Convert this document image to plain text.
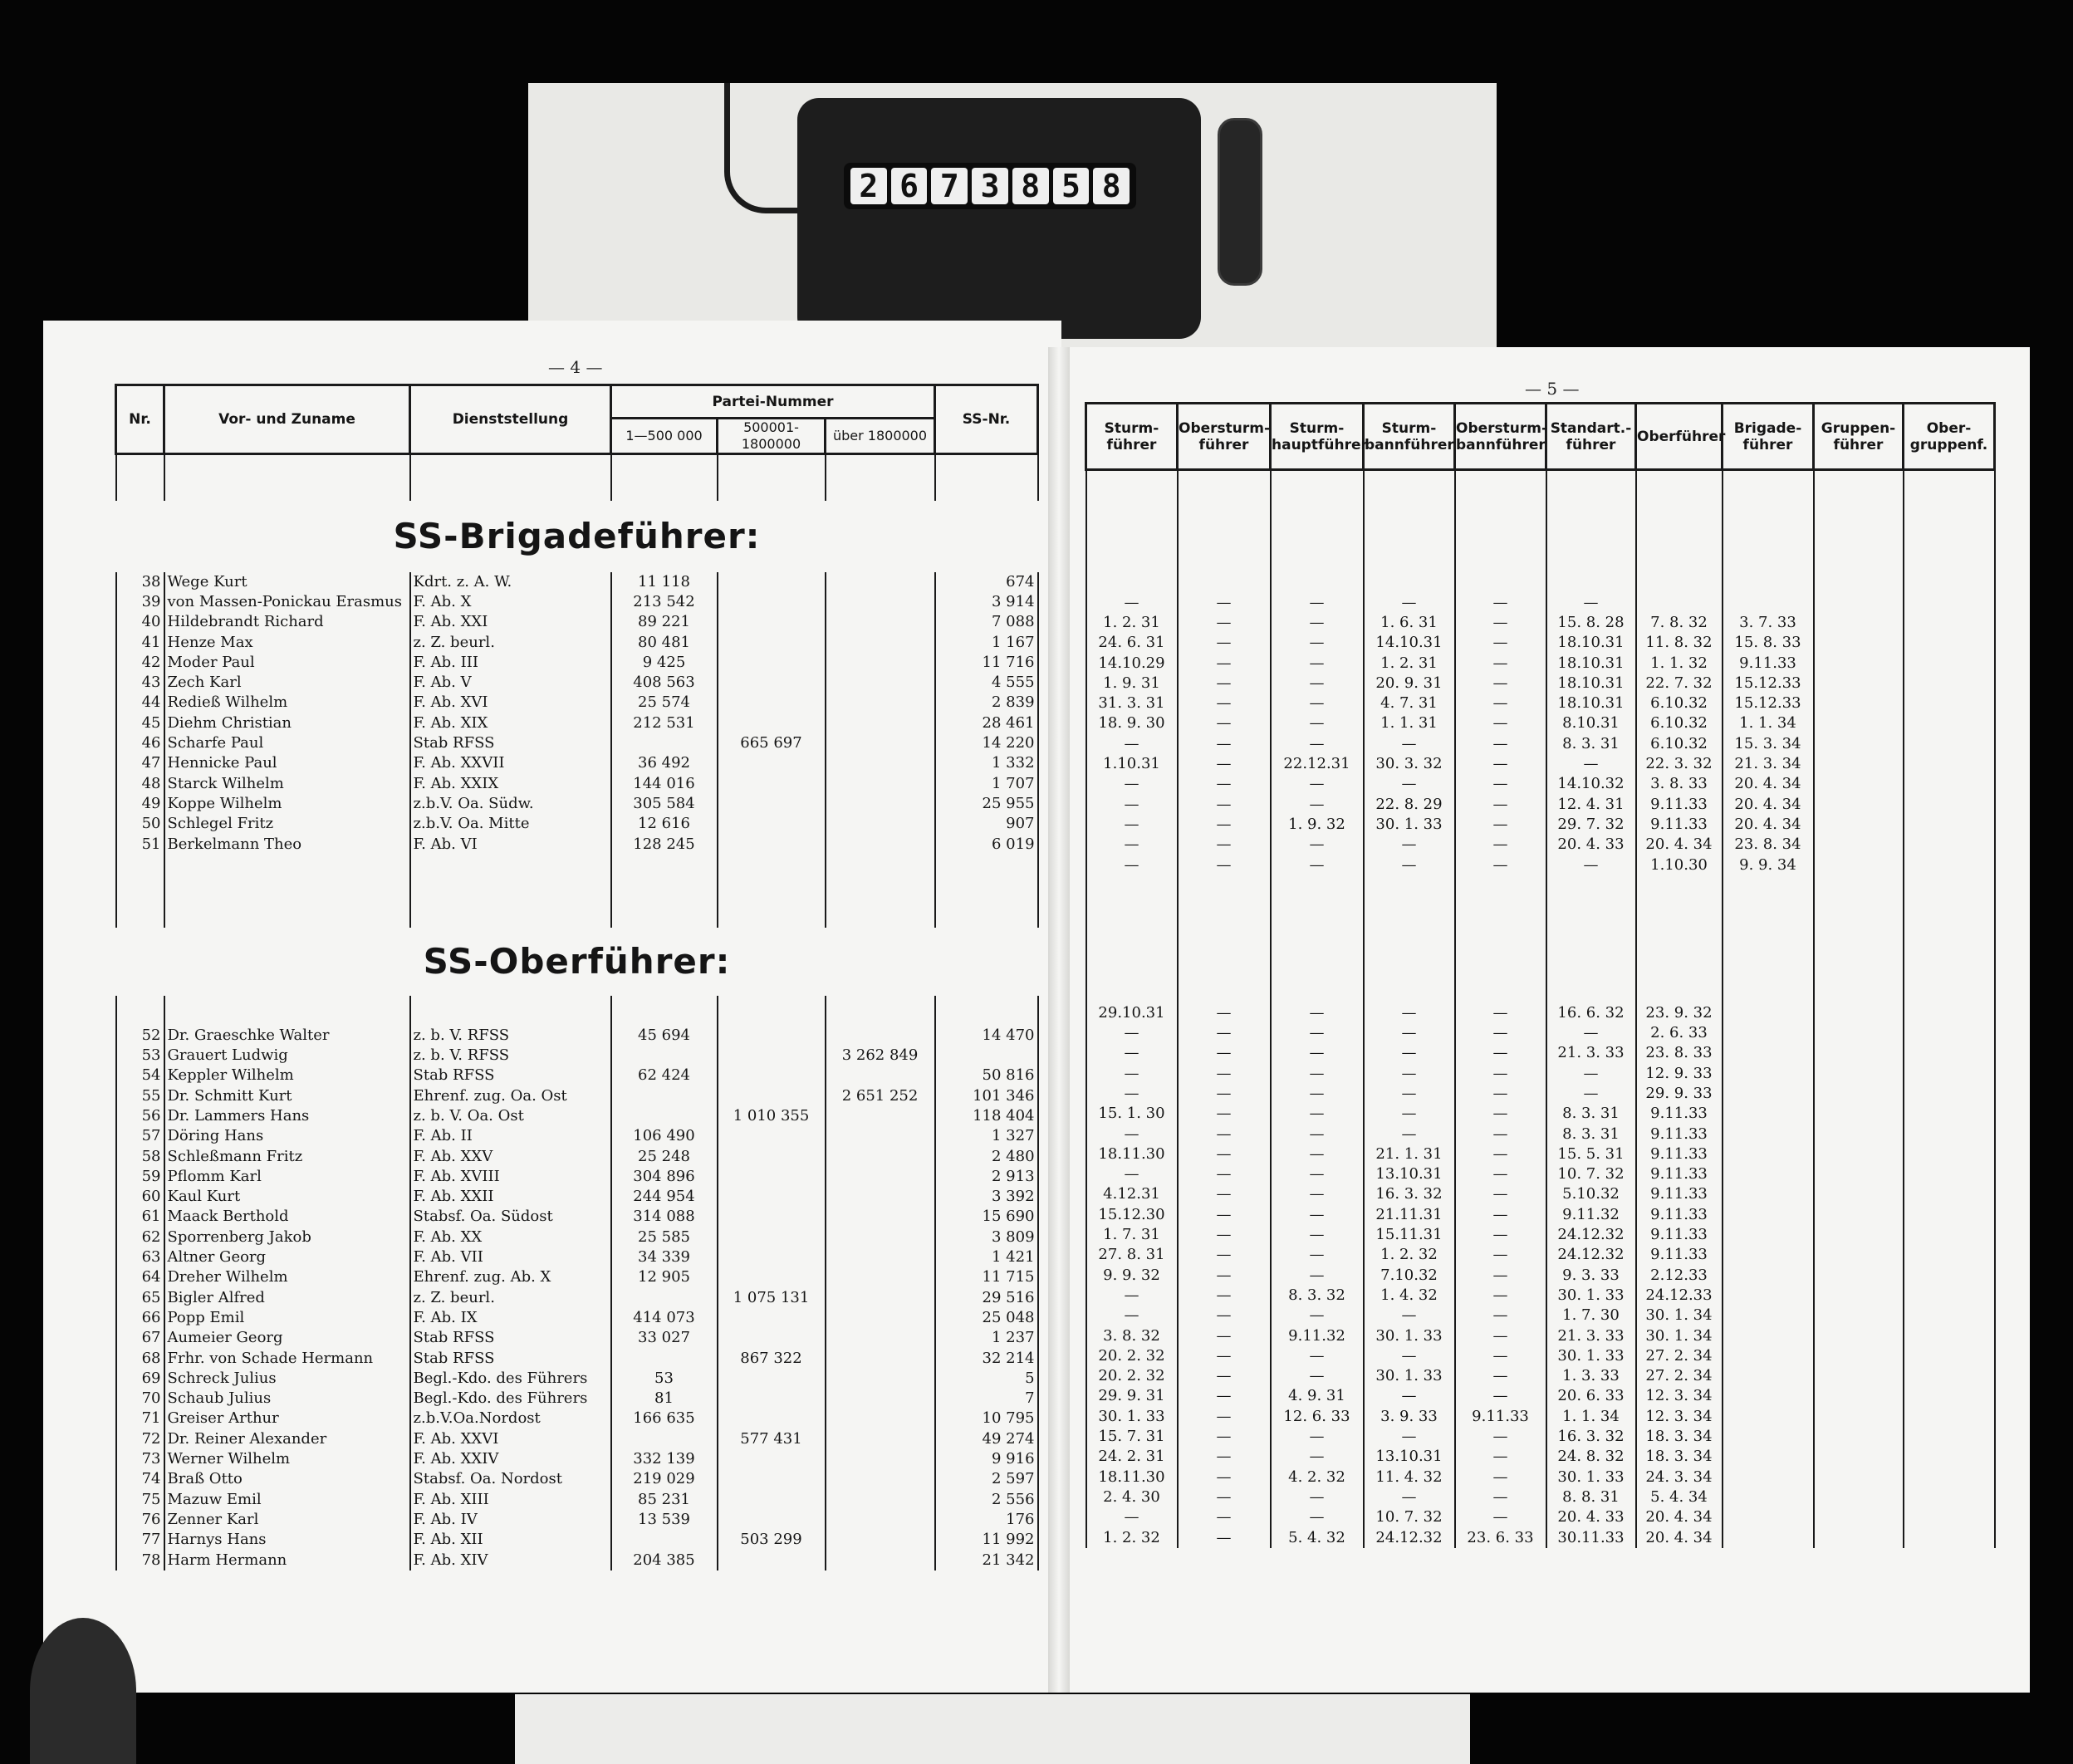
2 6 7 3 8 5 8
— 4 —
— 5 —
Nr.	Vor- und Zuname	Dienststellung	Partei-Nummer			SS-Nr.
			1—500 000	500001-1800000	über 1800000	

SS-Brigadeführer:						
38	Wege Kurt	Kdrt. z. A. W.	11 118			674
39	von Massen-Ponickau Erasmus	F. Ab. X	213 542			3 914
40	Hildebrandt Richard	F. Ab. XXI	89 221			7 088
41	Henze Max	z. Z. beurl.	80 481			1 167
42	Moder Paul	F. Ab. III	9 425			11 716
43	Zech Karl	F. Ab. V	408 563			4 555
44	Redieß Wilhelm	F. Ab. XVI	25 574			2 839
45	Diehm Christian	F. Ab. XIX	212 531			28 461
46	Scharfe Paul	Stab RFSS		665 697		14 220
47	Hennicke Paul	F. Ab. XXVII	36 492			1 332
48	Starck Wilhelm	F. Ab. XXIX	144 016			1 707
49	Koppe Wilhelm	z.b.V. Oa. Südw.	305 584			25 955
50	Schlegel Fritz	z.b.V. Oa. Mitte	12 616			907
51	Berkelmann Theo	F. Ab. VI	128 245			6 019

SS-Oberführer:						

52	Dr. Graeschke Walter	z. b. V. RFSS	45 694			14 470
53	Grauert Ludwig	z. b. V. RFSS			3 262 849	
54	Keppler Wilhelm	Stab RFSS	62 424			50 816
55	Dr. Schmitt Kurt	Ehrenf. zug. Oa. Ost			2 651 252	101 346
56	Dr. Lammers Hans	z. b. V. Oa. Ost		1 010 355		118 404
57	Döring Hans	F. Ab. II	106 490			1 327
58	Schleßmann Fritz	F. Ab. XXV	25 248			2 480
59	Pflomm Karl	F. Ab. XVIII	304 896			2 913
60	Kaul Kurt	F. Ab. XXII	244 954			3 392
61	Maack Berthold	Stabsf. Oa. Südost	314 088			15 690
62	Sporrenberg Jakob	F. Ab. XX	25 585			3 809
63	Altner Georg	F. Ab. VII	34 339			1 421
64	Dreher Wilhelm	Ehrenf. zug. Ab. X	12 905			11 715
65	Bigler Alfred	z. Z. beurl.		1 075 131		29 516
66	Popp Emil	F. Ab. IX	414 073			25 048
67	Aumeier Georg	Stab RFSS	33 027			1 237
68	Frhr. von Schade Hermann	Stab RFSS		867 322		32 214
69	Schreck Julius	Begl.-Kdo. des Führers	53			5
70	Schaub Julius	Begl.-Kdo. des Führers	81			7
71	Greiser Arthur	z.b.V.Oa.Nordost	166 635			10 795
72	Dr. Reiner Alexander	F. Ab. XXVI		577 431		49 274
73	Werner Wilhelm	F. Ab. XXIV	332 139			9 916
74	Braß Otto	Stabsf. Oa. Nordost	219 029			2 597
75	Mazuw Emil	F. Ab. XIII	85 231			2 556
76	Zenner Karl	F. Ab. IV	13 539			176
77	Harnys Hans	F. Ab. XII		503 299		11 992
78	Harm Hermann	F. Ab. XIV	204 385			21 342
Sturm-führer	Obersturm-führer	Sturm-hauptführer	Sturm-bannführer	Obersturm-bannführer	Standart.-führer	Oberführer	Brigade-führer	Gruppen-führer	Ober-gruppenf.

—	—	—	—	—	—				
1. 2. 31	—	—	1. 6. 31	—	15. 8. 28	7. 8. 32	3. 7. 33		
24. 6. 31	—	—	14.10.31	—	18.10.31	11. 8. 32	15. 8. 33		
14.10.29	—	—	1. 2. 31	—	18.10.31	1. 1. 32	9.11.33		
1. 9. 31	—	—	20. 9. 31	—	18.10.31	22. 7. 32	15.12.33		
31. 3. 31	—	—	4. 7. 31	—	18.10.31	6.10.32	15.12.33		
18. 9. 30	—	—	1. 1. 31	—	8.10.31	6.10.32	1. 1. 34		
—	—	—	—	—	8. 3. 31	6.10.32	15. 3. 34		
1.10.31	—	22.12.31	30. 3. 32	—	—	22. 3. 32	21. 3. 34		
—	—	—	—	—	14.10.32	3. 8. 33	20. 4. 34		
—	—	—	22. 8. 29	—	12. 4. 31	9.11.33	20. 4. 34		
—	—	1. 9. 32	30. 1. 33	—	29. 7. 32	9.11.33	20. 4. 34		
—	—	—	—	—	20. 4. 33	20. 4. 34	23. 8. 34		
—	—	—	—	—	—	1.10.30	9. 9. 34		

29.10.31	—	—	—	—	16. 6. 32	23. 9. 32			
—	—	—	—	—	—	2. 6. 33			
—	—	—	—	—	21. 3. 33	23. 8. 33			
—	—	—	—	—	—	12. 9. 33			
—	—	—	—	—	—	29. 9. 33			
15. 1. 30	—	—	—	—	8. 3. 31	9.11.33			
—	—	—	—	—	8. 3. 31	9.11.33			
18.11.30	—	—	21. 1. 31	—	15. 5. 31	9.11.33			
—	—	—	13.10.31	—	10. 7. 32	9.11.33			
4.12.31	—	—	16. 3. 32	—	5.10.32	9.11.33			
15.12.30	—	—	21.11.31	—	9.11.32	9.11.33			
1. 7. 31	—	—	15.11.31	—	24.12.32	9.11.33			
27. 8. 31	—	—	1. 2. 32	—	24.12.32	9.11.33			
9. 9. 32	—	—	7.10.32	—	9. 3. 33	2.12.33			
—	—	8. 3. 32	1. 4. 32	—	30. 1. 33	24.12.33			
—	—	—	—	—	1. 7. 30	30. 1. 34			
3. 8. 32	—	9.11.32	30. 1. 33	—	21. 3. 33	30. 1. 34			
20. 2. 32	—	—	—	—	30. 1. 33	27. 2. 34			
20. 2. 32	—	—	30. 1. 33	—	1. 3. 33	27. 2. 34			
29. 9. 31	—	4. 9. 31	—	—	20. 6. 33	12. 3. 34			
30. 1. 33	—	12. 6. 33	3. 9. 33	9.11.33	1. 1. 34	12. 3. 34			
15. 7. 31	—	—	—	—	16. 3. 32	18. 3. 34			
24. 2. 31	—	—	13.10.31	—	24. 8. 32	18. 3. 34			
18.11.30	—	4. 2. 32	11. 4. 32	—	30. 1. 33	24. 3. 34			
2. 4. 30	—	—	—	—	8. 8. 31	5. 4. 34			
—	—	—	10. 7. 32	—	20. 4. 33	20. 4. 34			
1. 2. 32	—	5. 4. 32	24.12.32	23. 6. 33	30.11.33	20. 4. 34			
